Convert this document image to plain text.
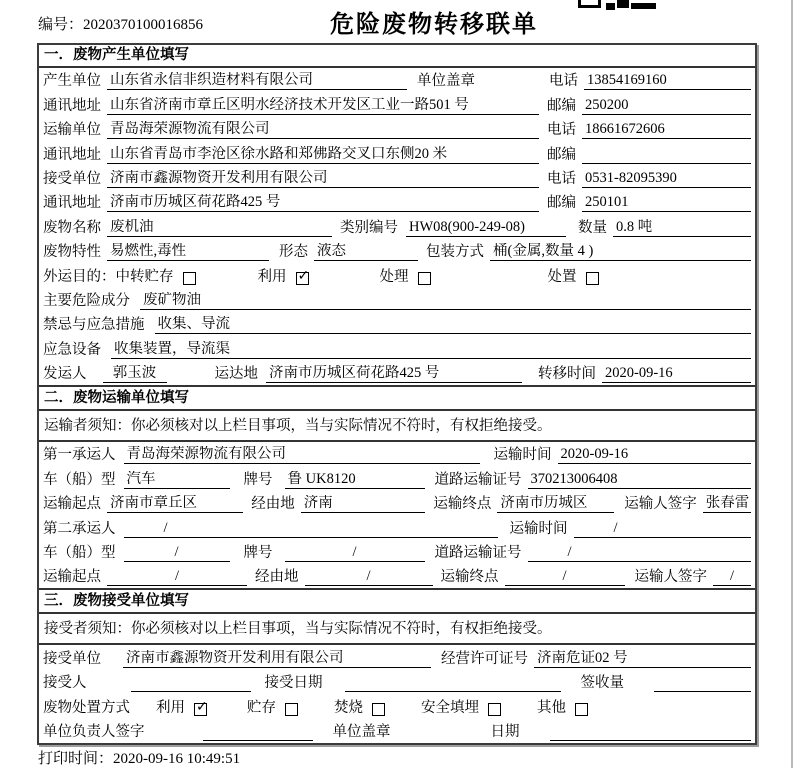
编号：2020370100016856	危险废物转移联单
一．废物产生单位填写
产生单位 山东省永信非织造材料有限公司	单位盖章	电话 13854169160
通讯地址 山东省济南市章丘区明水经济技术开发区工业一路501 号	邮编 250200
运输单位 青岛海荣源物流有限公司	电话 18661672606
通讯地址 山东省青岛市李沧区徐水路和郑佛路交叉口东侧20 米	邮编
接受单位 济南市鑫源物资开发利用有限公司	电话 0531-82095390
通讯地址 济南市历城区荷花路425 号	邮编 250101
废物名称 废机油	类别编号 HW08(900-249-08)	数量 0.8 吨
废物特性 易燃性,毒性	形态 液态	包装方式 桶(金属,数量 4 )
外运目的： 中转贮存	利用 ✓	处理	处置
主要危险成分 废矿物油
禁忌与应急措施 收集、导流
应急设备 收集装置，导流渠
发运人	郭玉波	运达地 济南市历城区荷花路425 号	转移时间 2020-09-16
二．废物运输单位填写
运输者须知：你必须核对以上栏目事项，当与实际情况不符时，有权拒绝接受。
第一承运人 青岛海荣源物流有限公司	运输时间 2020-09-16
车（船）型 汽车	牌号 鲁 UK8120	道路运输证号 370213006408
运输起点 济南市章丘区	经由地 济南	运输终点 济南市历城区	运输人签字 张春雷
第二承运人	/	运输时间	/
车（船）型	/	牌号	/	道路运输证号	/
运输起点	/	经由地	/	运输终点	/	运输人签字	/
三．废物接受单位填写
接受者须知：你必须核对以上栏目事项，当与实际情况不符时，有权拒绝接受。
接受单位 济南市鑫源物资开发利用有限公司	经营许可证号 济南危证02 号
接受人	接受日期	签收量
废物处置方式 利用 ✓	贮存	焚烧	安全填埋	其他
单位负责人签字	单位盖章	日期
打印时间：2020-09-16 10:49:51
